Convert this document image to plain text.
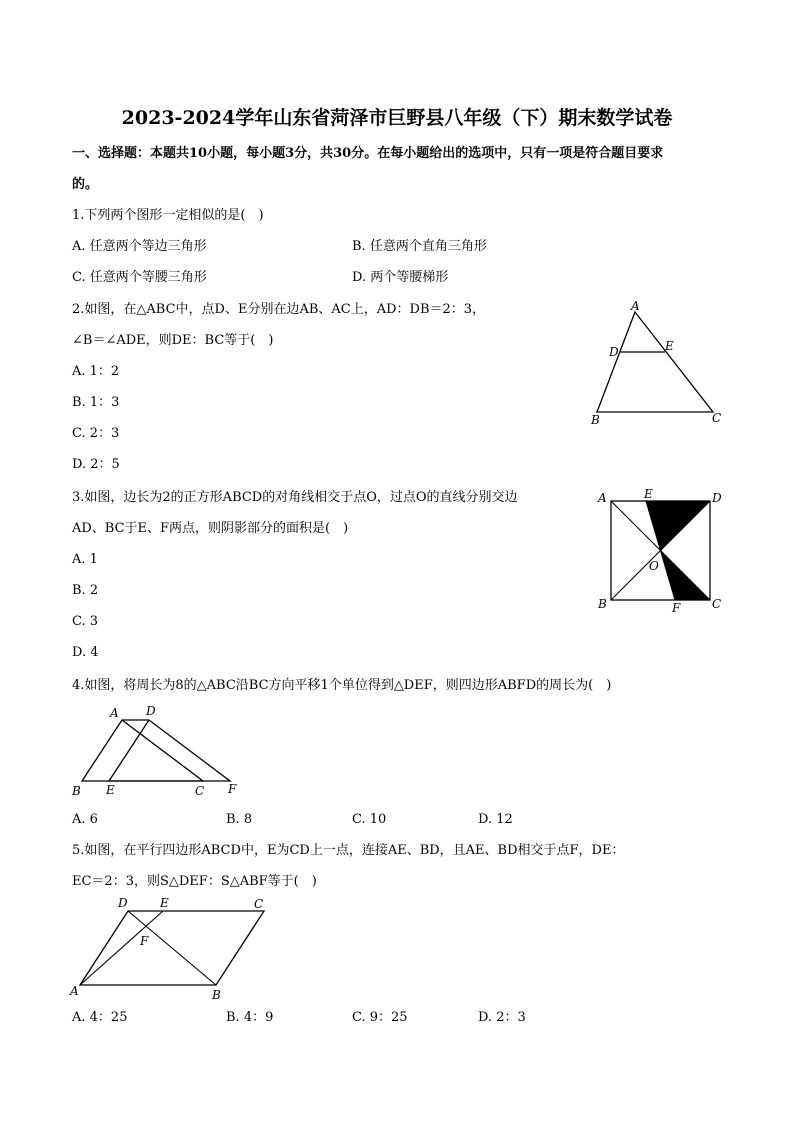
2023-2024学年山东省菏泽市巨野县八年级（下）期末数学试卷
一、选择题：本题共10小题，每小题3分，共30分。在每小题给出的选项中，只有一项是符合题目要求
的。
1.下列两个图形一定相似的是(　)
A. 任意两个等边三角形	B. 任意两个直角三角形
C. 任意两个等腰三角形	D. 两个等腰梯形
2.如图，在△ABC中，点D、E分别在边AB、AC上，AD：DB＝2：3，
∠B＝∠ADE，则DE：BC等于(　)
A. 1：2
B. 1：3
C. 2：3
D. 2：5
A
D	E
B	C
3.如图，边长为2的正方形ABCD的对角线相交于点O，过点O的直线分别交边
AD、BC于E、F两点，则阴影部分的面积是(　)
A. 1
B. 2
C. 3
D. 4
A	E	D
O
B	F	C
4.如图，将周长为8的△ABC沿BC方向平移1个单位得到△DEF，则四边形ABFD的周长为(　)
A D
B E	C F
A. 6	B. 8	C. 10	D. 12
5.如图，在平行四边形ABCD中，E为CD上一点，连接AE、BD，且AE、BD相交于点F，DE：
EC＝2：3，则S△DEF：S△ABF等于(　)
D	E	C
F
A	B
A. 4：25	B. 4：9	C. 9：25	D. 2：3
